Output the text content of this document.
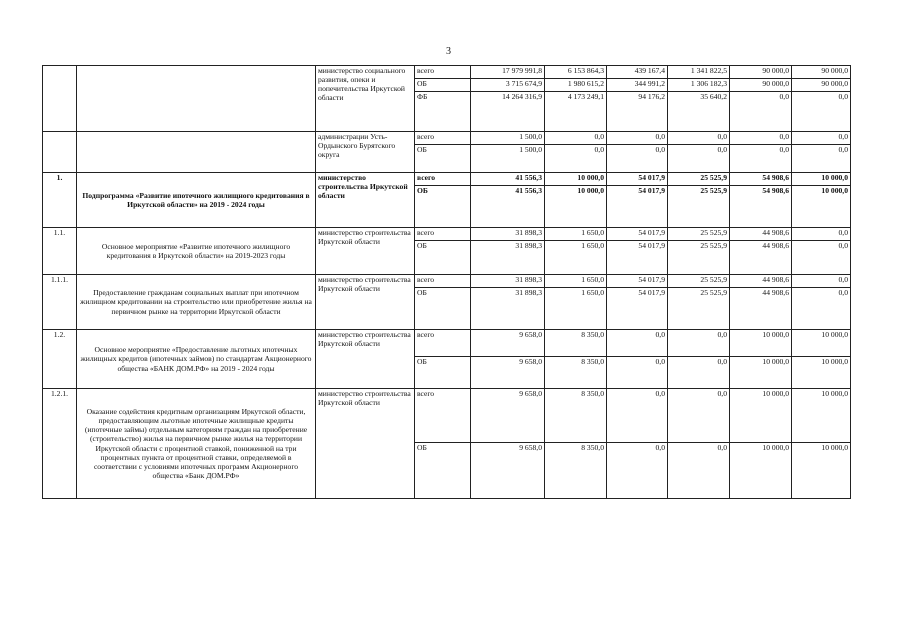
3
		министерство социального развития, опеки и попечительства Иркутской области	всего	17 979 991,8	6 153 864,3	439 167,4	1 341 822,5	90 000,0	90 000,0
			ОБ	3 715 674,9	1 980 615,2	344 991,2	1 306 182,3	90 000,0	90 000,0
			ФБ	14 264 316,9	4 173 249,1	94 176,2	35 640,2	0,0	0,0
		администрации Усть-Ордынского Бурятского округа	всего	1 500,0	0,0	0,0	0,0	0,0	0,0
			ОБ	1 500,0	0,0	0,0	0,0	0,0	0,0
1.	Подпрограмма «Развитие ипотечного жилищного кредитования в Иркутской области» на 2019 - 2024 годы	министерство строительства Иркутской области	всего	41 556,3	10 000,0	54 017,9	25 525,9	54 908,6	10 000,0
			ОБ	41 556,3	10 000,0	54 017,9	25 525,9	54 908,6	10 000,0
1.1.	Основное мероприятие «Развитие ипотечного жилищного кредитования в Иркутской области» на 2019-2023 годы	министерство строительства Иркутской области	всего	31 898,3	1 650,0	54 017,9	25 525,9	44 908,6	0,0
			ОБ	31 898,3	1 650,0	54 017,9	25 525,9	44 908,6	0,0
1.1.1.	Предоставление гражданам социальных выплат при ипотечном жилищном кредитовании на строительство или приобретение жилья на первичном рынке на территории Иркутской области	министерство строительства Иркутской области	всего	31 898,3	1 650,0	54 017,9	25 525,9	44 908,6	0,0
			ОБ	31 898,3	1 650,0	54 017,9	25 525,9	44 908,6	0,0
1.2.	Основное мероприятие «Предоставление льготных ипотечных жилищных кредитов (ипотечных займов) по стандартам Акционерного общества «БАНК ДОМ.РФ» на 2019 - 2024 годы	министерство строительства Иркутской области	всего	9 658,0	8 350,0	0,0	0,0	10 000,0	10 000,0
			ОБ	9 658,0	8 350,0	0,0	0,0	10 000,0	10 000,0
1.2.1.	Оказание содействия кредитным организациям Иркутской области, предоставляющим льготные ипотечные жилищные кредиты (ипотечные займы) отдельным категориям граждан на приобретение (строительство) жилья на первичном рынке жилья на территории Иркутской области с процентной ставкой, пониженной на три процентных пункта от процентной ставки, определяемой в соответствии с условиями ипотечных программ Акционерного общества «Банк ДОМ.РФ»	министерство строительства Иркутской области	всего	9 658,0	8 350,0	0,0	0,0	10 000,0	10 000,0
			ОБ	9 658,0	8 350,0	0,0	0,0	10 000,0	10 000,0
